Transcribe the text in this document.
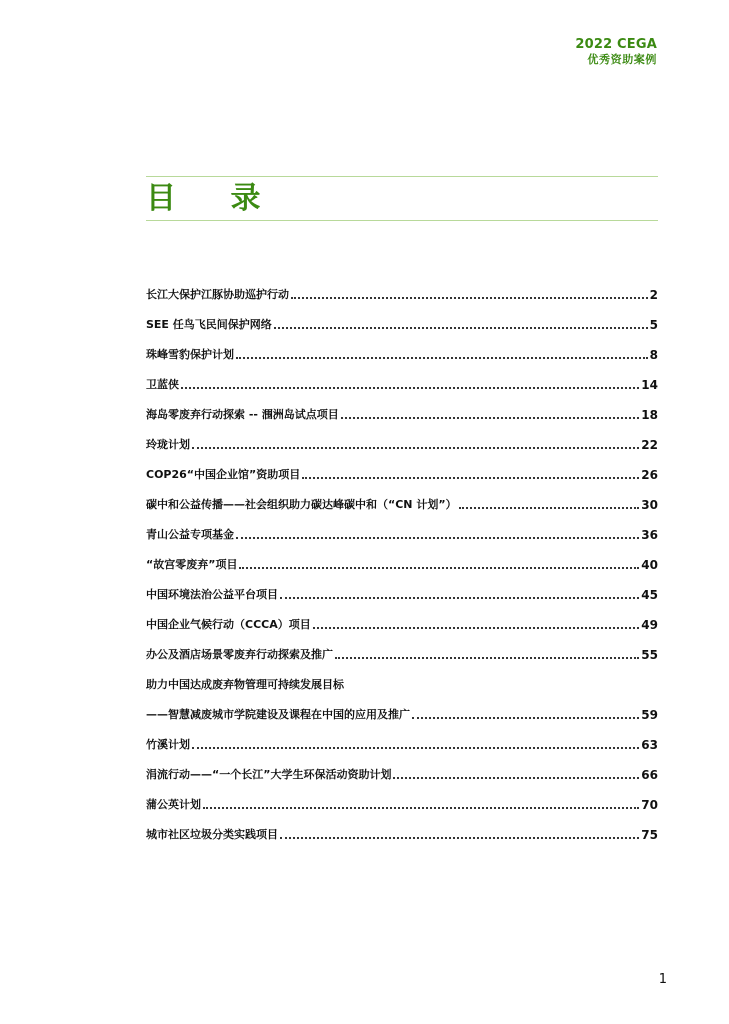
2022 CEGA
优秀资助案例
目 录
长江大保护江豚协助巡护行动	2
SEE 任鸟飞民间保护网络	5
珠峰雪豹保护计划	8
卫蓝侠	14
海岛零废弃行动探索 -- 涠洲岛试点项目	18
玲珑计划	22
COP26“中国企业馆”资助项目	26
碳中和公益传播——社会组织助力碳达峰碳中和（“CN 计划”）	30
青山公益专项基金	36
“故宫零废弃”项目	40
中国环境法治公益平台项目	45
中国企业气候行动（CCCA）项目	49
办公及酒店场景零废弃行动探索及推广	55
助力中国达成废弃物管理可持续发展目标
——智慧减废城市学院建设及课程在中国的应用及推广	59
竹溪计划	63
涓流行动——“一个长江”大学生环保活动资助计划	66
蒲公英计划	70
城市社区垃圾分类实践项目	75
1
